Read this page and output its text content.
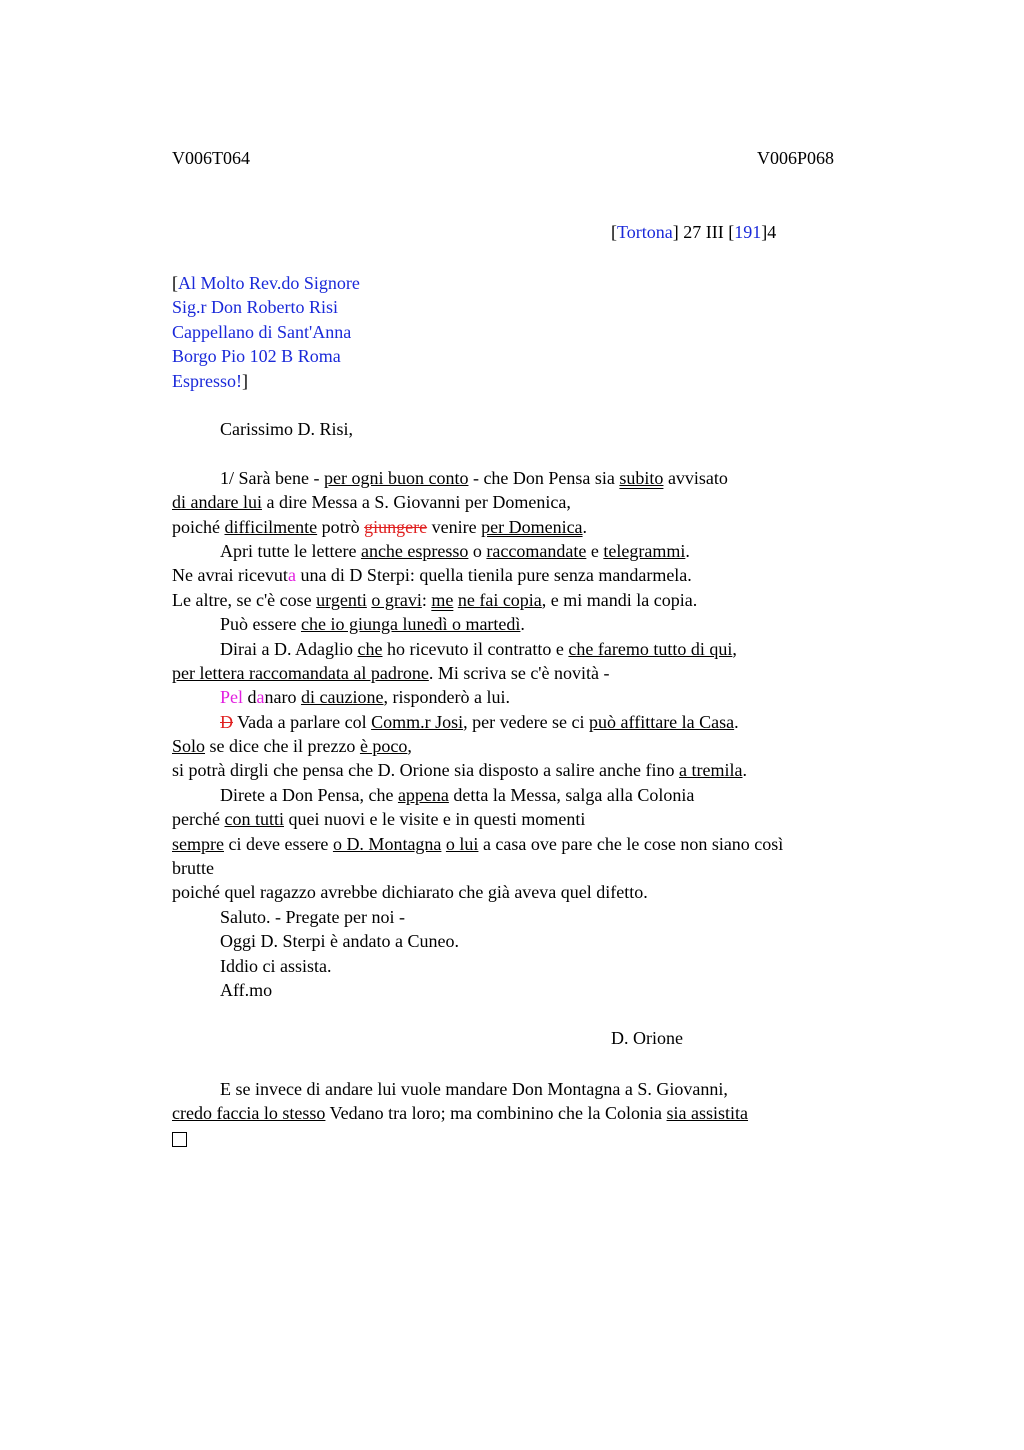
V006T064	V006P068
[Tortona] 27 III [191]4
[Al Molto Rev.do Signore
Sig.r Don Roberto Risi
Cappellano di Sant'Anna
Borgo Pio 102 B Roma
Espresso!]
Carissimo D. Risi,
1/ Sarà bene - per ogni buon conto - che Don Pensa sia subito avvisato
di andare lui a dire Messa a S. Giovanni per Domenica,
poiché difficilmente potrò giungere venire per Domenica.
Apri tutte le lettere anche espresso o raccomandate e telegrammi.
Ne avrai ricevuta una di D Sterpi: quella tienila pure senza mandarmela.
Le altre, se c'è cose urgenti o gravi: me ne fai copia, e mi mandi la copia.
Può essere che io giunga lunedì o martedì.
Dirai a D. Adaglio che ho ricevuto il contratto e che faremo tutto di qui,
per lettera raccomandata al padrone. Mi scriva se c'è novità -
Pel danaro di cauzione, risponderò a lui.
D Vada a parlare col Comm.r Josi, per vedere se ci può affittare la Casa.
Solo se dice che il prezzo è poco,
si potrà dirgli che pensa che D. Orione sia disposto a salire anche fino a tremila.
Direte a Don Pensa, che appena detta la Messa, salga alla Colonia
perché con tutti quei nuovi e le visite e in questi momenti
sempre ci deve essere o D. Montagna o lui a casa ove pare che le cose non siano così
brutte
poiché quel ragazzo avrebbe dichiarato che già aveva quel difetto.
Saluto. - Pregate per noi -
Oggi D. Sterpi è andato a Cuneo.
Iddio ci assista.
Aff.mo
D. Orione
E se invece di andare lui vuole mandare Don Montagna a S. Giovanni,
credo faccia lo stesso Vedano tra loro; ma combinino che la Colonia sia assistita
